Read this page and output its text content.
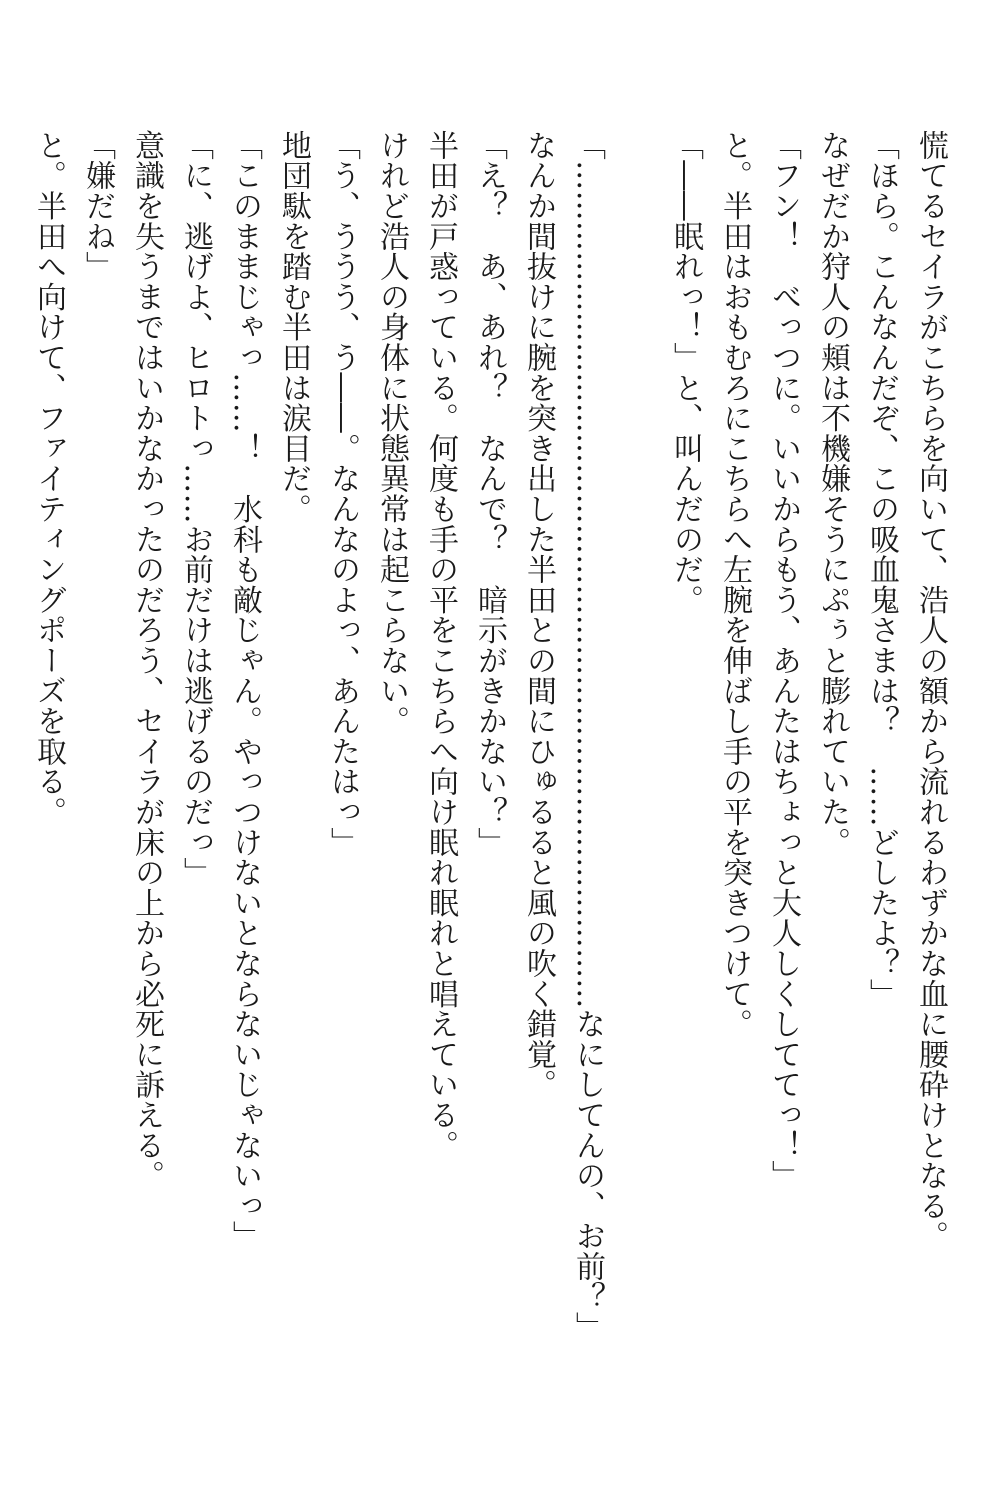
慌てるセイラがこちらを向いて、浩人の額から流れるわずかな血に腰砕けとなる。

「ほら。こんなんだぞ、この吸血鬼さまは？　……どしたよ？」

なぜだか狩人の頬は不機嫌そうにぷぅと膨れていた。

「フン！　べっつに。いいからもう、あんたはちょっと大人しくしててっ！」

と。半田はおもむろにこちらへ左腕を伸ばし手の平を突きつけて。

「――眠れっ！」と、叫んだのだ。

「…………………………………………………………………………なにしてんの、お前？」

なんか間抜けに腕を突き出した半田との間にひゅるると風の吹く錯覚。

「え？　あ、あれ？　なんで？　暗示がきかない？」

半田が戸惑っている。何度も手の平をこちらへ向け眠れ眠れと唱えている。

けれど浩人の身体に状態異常は起こらない。

「う、ううう、う――。なんなのよっ、あんたはっ」

地団駄を踏む半田は涙目だ。

「このままじゃっ……！　水科も敵じゃん。やっつけないとならないじゃないっ」

「に、逃げよ、ヒロトっ……お前だけは逃げるのだっ」

意識を失うまではいかなかったのだろう、セイラが床の上から必死に訴える。

「嫌だね」

と。半田へ向けて、ファイティングポーズを取る。
